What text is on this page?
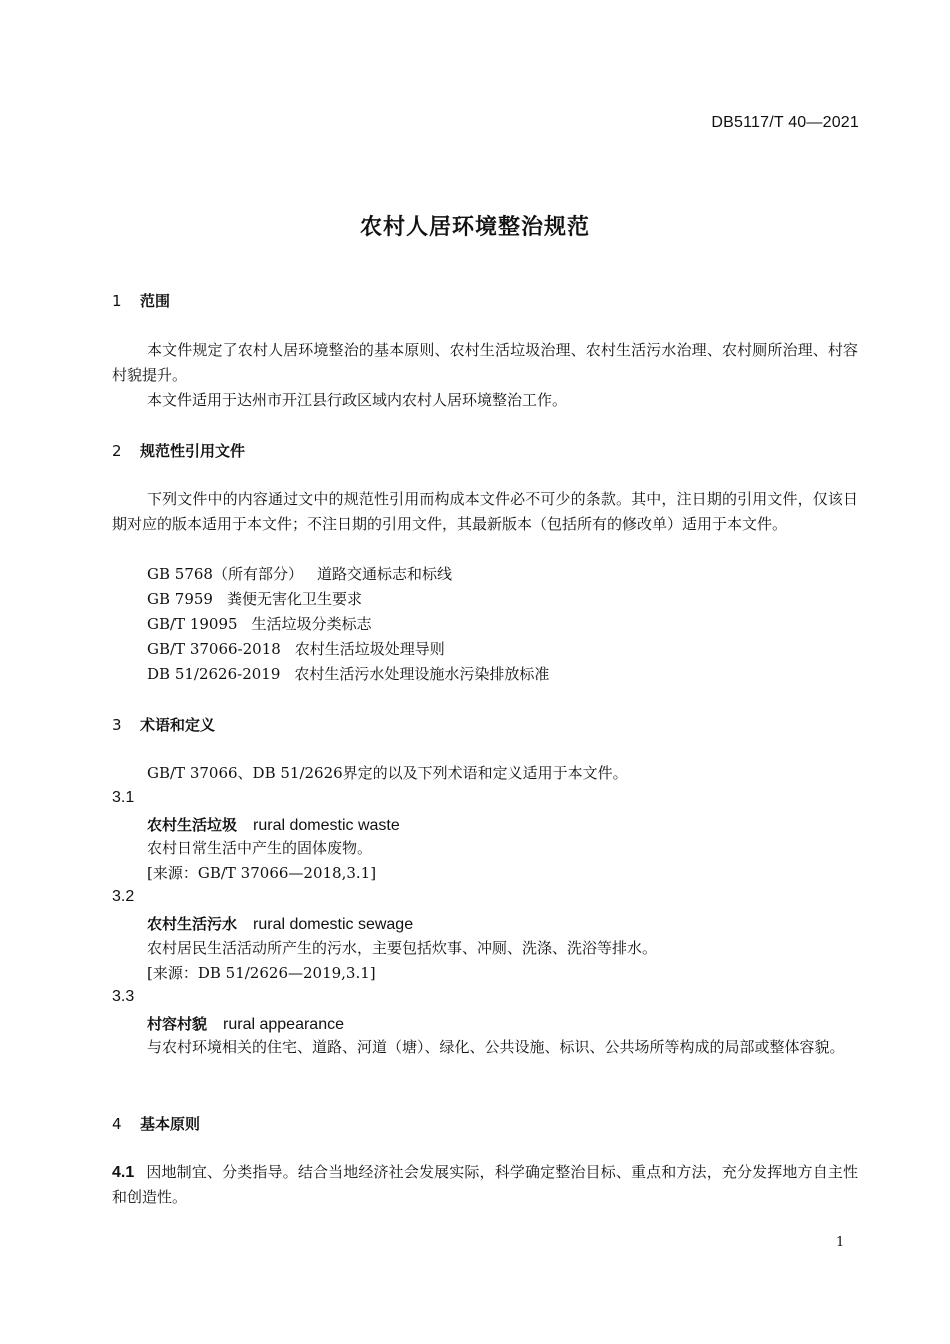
DB5117/T 40—2021
农村人居环境整治规范
1 范围
本文件规定了农村人居环境整治的基本原则、农村生活垃圾治理、农村生活污水治理、农村厕所治理、村容村貌提升。
本文件适用于达州市开江县行政区域内农村人居环境整治工作。
2 规范性引用文件
下列文件中的内容通过文中的规范性引用而构成本文件必不可少的条款。其中，注日期的引用文件，仅该日期对应的版本适用于本文件；不注日期的引用文件，其最新版本（包括所有的修改单）适用于本文件。
GB 5768（所有部分） 道路交通标志和标线
GB 7959 粪便无害化卫生要求
GB/T 19095 生活垃圾分类标志
GB/T 37066-2018 农村生活垃圾处理导则
DB 51/2626-2019 农村生活污水处理设施水污染排放标准
3 术语和定义
GB/T 37066、DB 51/2626界定的以及下列术语和定义适用于本文件。
3.1
农村生活垃圾 rural domestic waste
农村日常生活中产生的固体废物。
[来源：GB/T 37066—2018,3.1]
3.2
农村生活污水 rural domestic sewage
农村居民生活活动所产生的污水，主要包括炊事、冲厕、洗涤、洗浴等排水。
[来源：DB 51/2626—2019,3.1]
3.3
村容村貌 rural appearance
与农村环境相关的住宅、道路、河道（塘）、绿化、公共设施、标识、公共场所等构成的局部或整体容貌。
4 基本原则
4.1 因地制宜、分类指导。结合当地经济社会发展实际，科学确定整治目标、重点和方法，充分发挥地方自主性和创造性。
1
